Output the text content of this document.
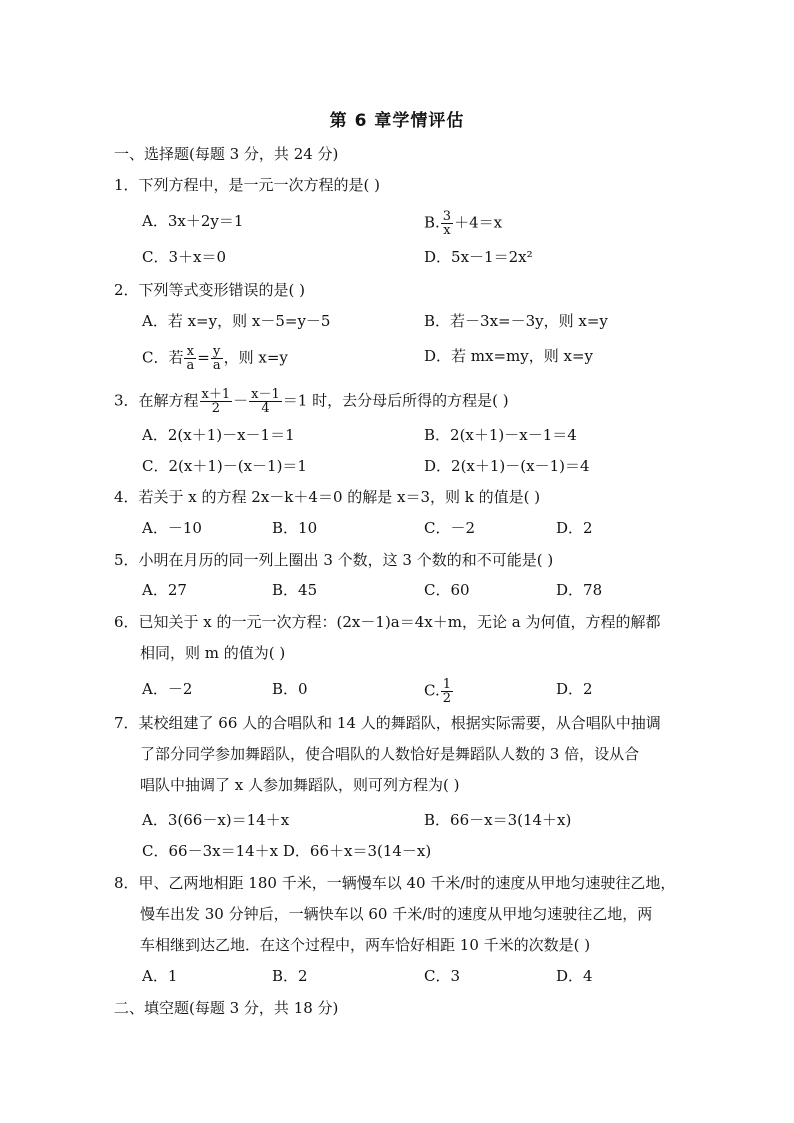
第 6 章学情评估
一、选择题(每题 3 分，共 24 分)
1．下列方程中，是一元一次方程的是( )
A．3x＋2y＝1	B. $\frac{3}{x} +4=x$
C．3＋x＝0	D．5x－1＝2x²
2．下列等式变形错误的是( )
A．若 x=y，则 x－5=y－5	B．若－3x=－3y，则 x=y
C．若 $\frac{x}{a} = \frac{y}{a}$ ，则 x=y	D．若 mx=my，则 x=y
3．在解方程 $\frac{x+1}{2} - \frac{x-1}{4} =1$ 时，去分母后所得的方程是( )
A．2(x＋1)－x－1＝1	B．2(x＋1)－x－1＝4
C．2(x＋1)－(x－1)＝1	D．2(x＋1)－(x－1)＝4
4．若关于 x 的方程 2x－k＋4＝0 的解是 x＝3，则 k 的值是( )
A．－10	B．10	C．－2	D．2
5．小明在月历的同一列上圈出 3 个数，这 3 个数的和不可能是( )
A．27	B．45	C．60	D．78
6．已知关于 x 的一元一次方程：(2x－1)a＝4x＋m，无论 a 为何值，方程的解都
相同，则 m 的值为( )
A．－2	B．0	C. $\frac{1}{2}$	D．2
7．某校组建了 66 人的合唱队和 14 人的舞蹈队，根据实际需要，从合唱队中抽调
了部分同学参加舞蹈队，使合唱队的人数恰好是舞蹈队人数的 3 倍，设从合
唱队中抽调了 x 人参加舞蹈队，则可列方程为( )
A．3(66－x)＝14＋x	B．66－x＝3(14＋x)
C．66－3x＝14＋x D．66＋x＝3(14－x)
8．甲、乙两地相距 180 千米，一辆慢车以 40 千米/时的速度从甲地匀速驶往乙地，
慢车出发 30 分钟后，一辆快车以 60 千米/时的速度从甲地匀速驶往乙地，两
车相继到达乙地．在这个过程中，两车恰好相距 10 千米的次数是( )
A．1	B．2	C．3	D．4
二、填空题(每题 3 分，共 18 分)
